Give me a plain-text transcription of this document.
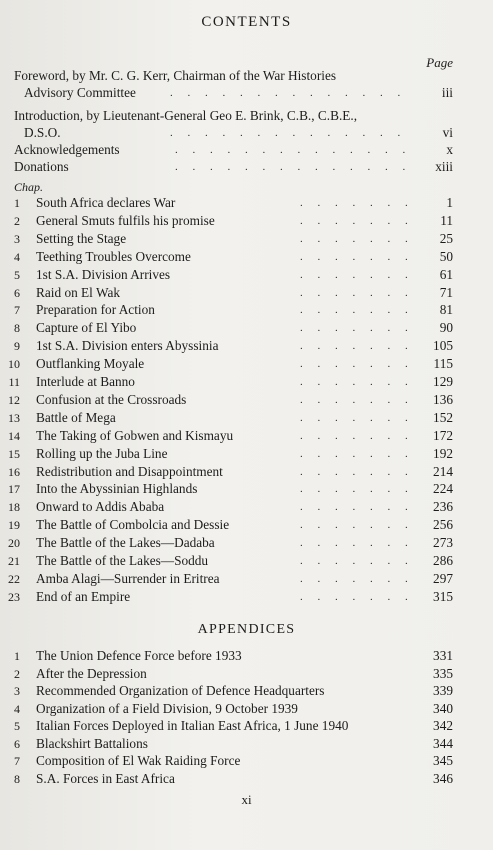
CONTENTS
Page
Foreword, by Mr. C. G. Kerr, Chairman of the War Histories
Advisory Committee	. . . . . . . . . . . . . .	iii
Introduction, by Lieutenant-General Geo E. Brink, C.B., C.B.E.,
D.S.O.	. . . . . . . . . . . . . .	vi
Acknowledgements	. . . . . . . . . . . . . .	x
Donations	. . . . . . . . . . . . . . xiii
Chap.
1 South Africa declares War	. . . . . . . 1
2 General Smuts fulfils his promise	. . . . . . . 11
3 Setting the Stage	. . . . . . . 25
4 Teething Troubles Overcome	. . . . . . . 50
5 1st S.A. Division Arrives	. . . . . . . 61
6 Raid on El Wak	. . . . . . . 71
7 Preparation for Action	. . . . . . . 81
8 Capture of El Yibo	. . . . . . . 90
9 1st S.A. Division enters Abyssinia	. . . . . . . 105
10 Outflanking Moyale	. . . . . . . 115
11 Interlude at Banno	. . . . . . . 129
12 Confusion at the Crossroads	. . . . . . . 136
13 Battle of Mega	. . . . . . . 152
14 The Taking of Gobwen and Kismayu	. . . . . . . 172
15 Rolling up the Juba Line	. . . . . . . 192
16 Redistribution and Disappointment	. . . . . . . 214
17 Into the Abyssinian Highlands	. . . . . . . 224
18 Onward to Addis Ababa	. . . . . . . 236
19 The Battle of Combolcia and Dessie	. . . . . . . 256
20 The Battle of the Lakes—Dadaba	. . . . . . . 273
21 The Battle of the Lakes—Soddu	. . . . . . . 286
22 Amba Alagi—Surrender in Eritrea	. . . . . . . 297
23 End of an Empire	. . . . . . . 315
APPENDICES
1 The Union Defence Force before 1933	331
2 After the Depression	335
3 Recommended Organization of Defence Headquarters	339
4 Organization of a Field Division, 9 October 1939	340
5 Italian Forces Deployed in Italian East Africa, 1 June 1940	342
6 Blackshirt Battalions	344
7 Composition of El Wak Raiding Force	345
8 S.A. Forces in East Africa	346
xi
